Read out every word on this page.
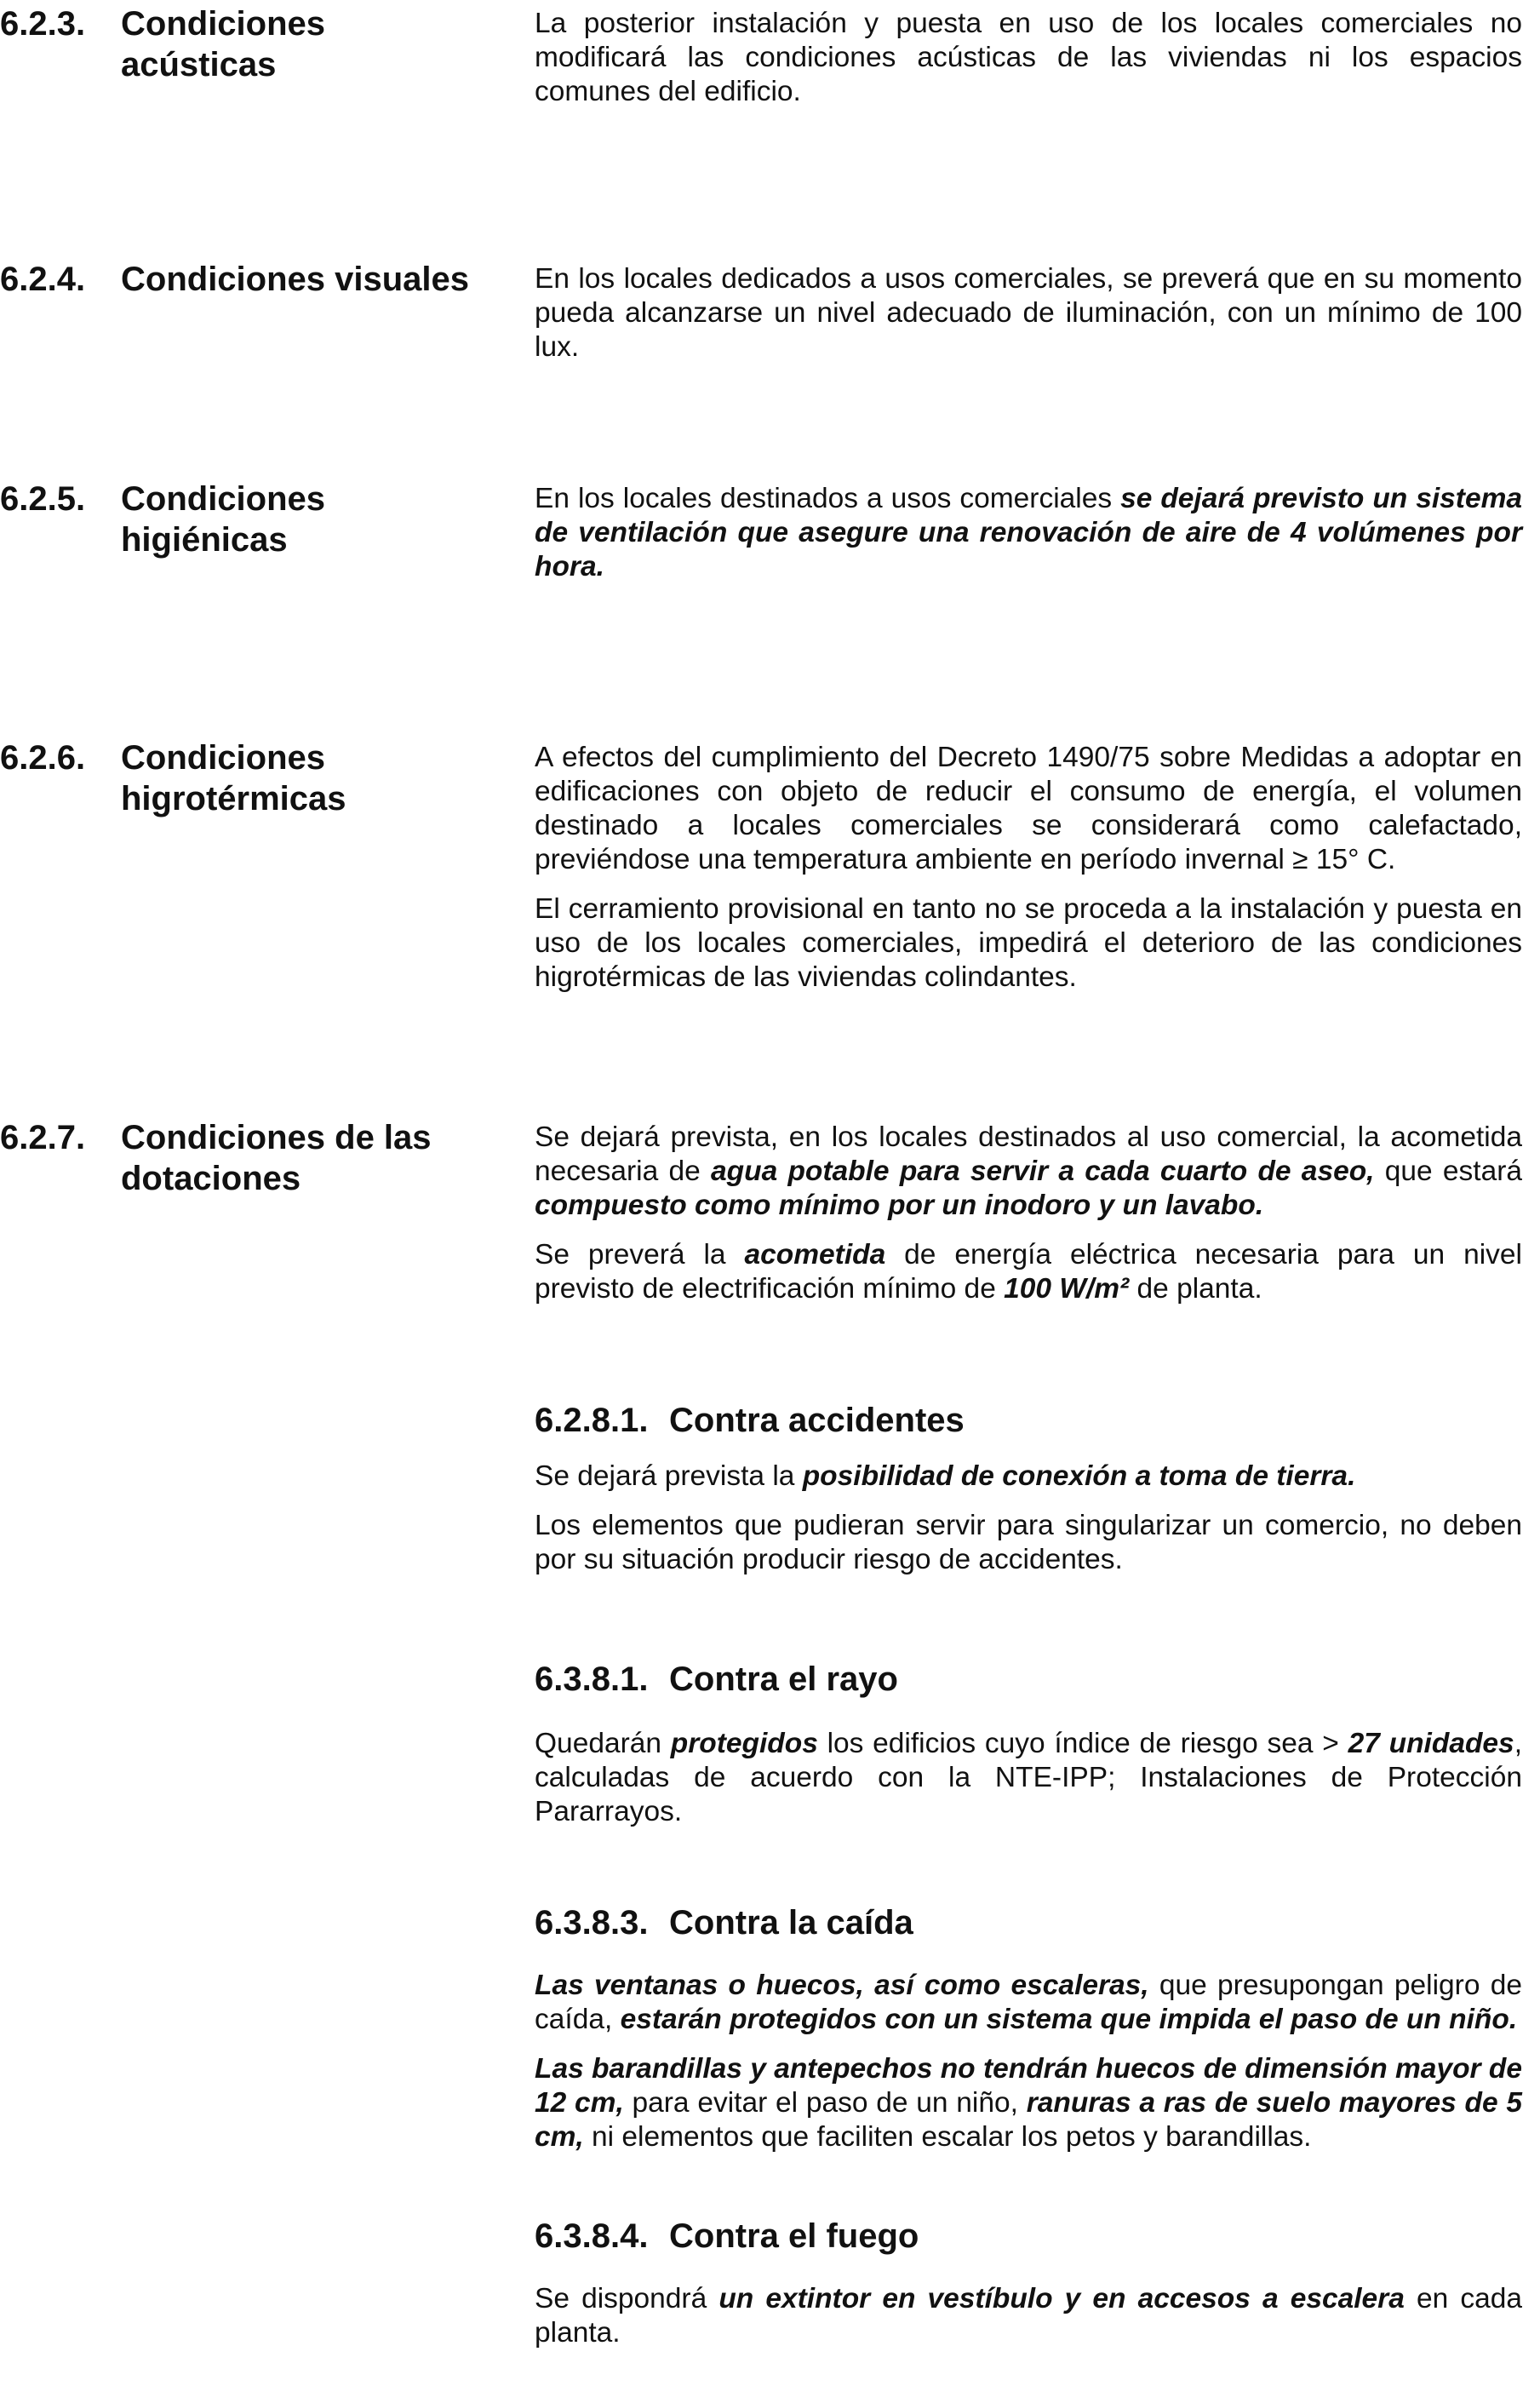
6.2.3. Condiciones acústicas

La posterior instalación y puesta en uso de los locales comerciales no modificará las condiciones acústicas de las viviendas ni los espacios comunes del edificio.

6.2.4. Condiciones visuales	En los locales dedicados a usos comerciales, se preverá que en su momento pueda alcanzarse un nivel adecuado de iluminación, con un mínimo de 100 lux.

6.2.5. Condiciones higiénicas

En los locales destinados a usos comerciales se dejará previsto un sistema de ventilación que asegure una renovación de aire de 4 volúmenes por hora.

6.2.6. Condiciones higrotérmicas

A efectos del cumplimiento del Decreto 1490/75 sobre Medidas a adoptar en edificaciones con objeto de reducir el consumo de energía, el volumen destinado a locales comerciales se considerará como calefactado, previéndose una temperatura ambiente en período invernal ≥ 15° C.

El cerramiento provisional en tanto no se proceda a la instalación y puesta en uso de los locales comerciales, impedirá el deterioro de las condiciones higrotérmicas de las viviendas colindantes.

6.2.7. Condiciones de las dotaciones

Se dejará prevista, en los locales destinados al uso comercial, la acometida necesaria de agua potable para servir a cada cuarto de aseo, que estará compuesto como mínimo por un inodoro y un lavabo.

Se preverá la acometida de energía eléctrica necesaria para un nivel previsto de electrificación mínimo de 100 W/m² de planta.

6.2.8.1. Contra accidentes

Se dejará prevista la posibilidad de conexión a toma de tierra.

Los elementos que pudieran servir para singularizar un comercio, no deben por su situación producir riesgo de accidentes.

6.3.8.1. Contra el rayo

Quedarán protegidos los edificios cuyo índice de riesgo sea > 27 unidades, calculadas de acuerdo con la NTE-IPP; Instalaciones de Protección Pararrayos.

6.3.8.3. Contra la caída

Las ventanas o huecos, así como escaleras, que presupongan peligro de caída, estarán protegidos con un sistema que impida el paso de un niño.

Las barandillas y antepechos no tendrán huecos de dimensión mayor de 12 cm, para evitar el paso de un niño, ranuras a ras de suelo mayores de 5 cm, ni elementos que faciliten escalar los petos y barandillas.

6.3.8.4. Contra el fuego

Se dispondrá un extintor en vestíbulo y en accesos a escalera en cada planta.
